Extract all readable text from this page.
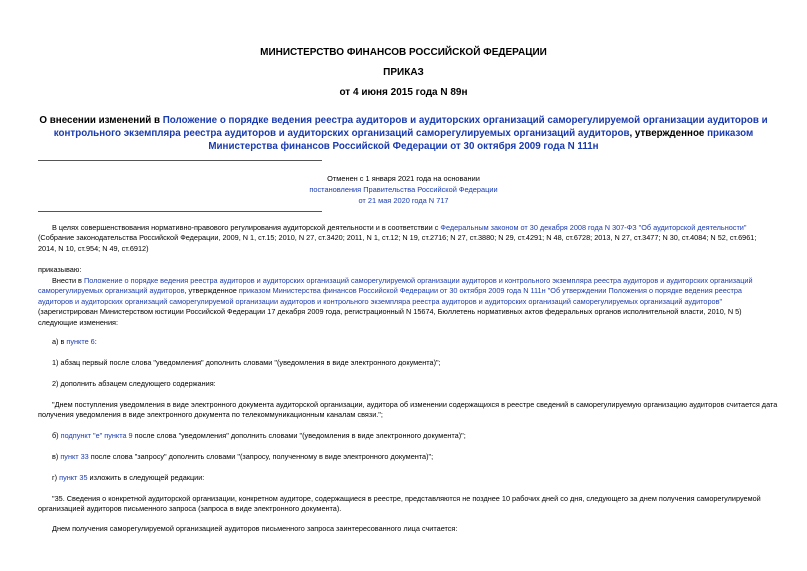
МИНИСТЕРСТВО ФИНАНСОВ РОССИЙСКОЙ ФЕДЕРАЦИИ
ПРИКАЗ
от 4 июня 2015 года N 89н
О внесении изменений в Положение о порядке ведения реестра аудиторов и аудиторских организаций саморегулируемой организации аудиторов и контрольного экземпляра реестра аудиторов и аудиторских организаций саморегулируемых организаций аудиторов, утвержденное приказом Министерства финансов Российской Федерации от 30 октября 2009 года N 111н
Отменен с 1 января 2021 года на основании
постановления Правительства Российской Федерации
от 21 мая 2020 года N 717
В целях совершенствования нормативно-правового регулирования аудиторской деятельности и в соответствии с Федеральным законом от 30 декабря 2008 года N 307-ФЗ "Об аудиторской деятельности"
(Собрание законодательства Российской Федерации, 2009, N 1, ст.15; 2010, N 27, ст.3420; 2011, N 1, ст.12; N 19, ст.2716; N 27, ст.3880; N 29, ст.4291; N 48, ст.6728; 2013, N 27, ст.3477; N 30, ст.4084; N 52, ст.6961;
2014, N 10, ст.954; N 49, ст.6912)
приказываю:
Внести в Положение о порядке ведения реестра аудиторов и аудиторских организаций саморегулируемой организации аудиторов и контрольного экземпляра реестра аудиторов и аудиторских организаций
саморегулируемых организаций аудиторов, утвержденное приказом Министерства финансов Российской Федерации от 30 октября 2009 года N 111н "Об утверждении Положения о порядке ведения реестра
аудиторов и аудиторских организаций саморегулируемой организации аудиторов и контрольного экземпляра реестра аудиторов и аудиторских организаций саморегулируемых организаций аудиторов"
(зарегистрирован Министерством юстиции Российской Федерации 17 декабря 2009 года, регистрационный N 15674, Бюллетень нормативных актов федеральных органов исполнительной власти, 2010, N 5)
следующие изменения:
а) в пункте 6:
1) абзац первый после слова "уведомления" дополнить словами "(уведомления в виде электронного документа)";
2) дополнить абзацем следующего содержания:
"Днем поступления уведомления в виде электронного документа аудиторской организации, аудитора об изменении содержащихся в реестре сведений в саморегулируемую организацию аудиторов считается дата
получения уведомления в виде электронного документа по телекоммуникационным каналам связи.";
б) подпункт "е" пункта 9 после слова "уведомления" дополнить словами "(уведомления в виде электронного документа)";
в) пункт 33 после слова "запросу" дополнить словами "(запросу, полученному в виде электронного документа)";
г) пункт 35 изложить в следующей редакции:
"35. Сведения о конкретной аудиторской организации, конкретном аудиторе, содержащиеся в реестре, представляются не позднее 10 рабочих дней со дня, следующего за днем получения саморегулируемой
организацией аудиторов письменного запроса (запроса в виде электронного документа).
Днем получения саморегулируемой организацией аудиторов письменного запроса заинтересованного лица считается:
